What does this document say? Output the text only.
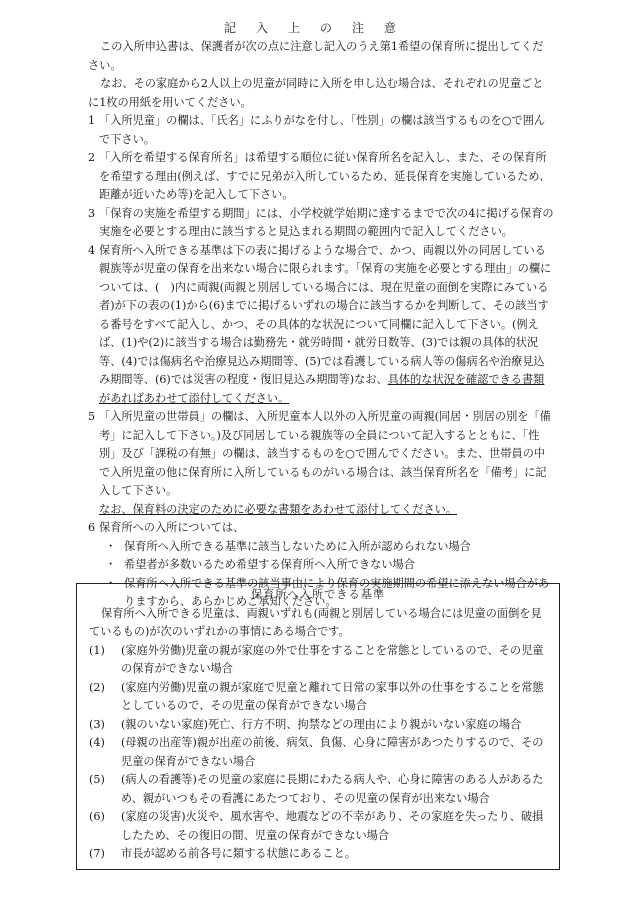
記入上の注意

この入所申込書は、保護者が次の点に注意し記入のうえ第1希望の保育所に提出してください。

なお、その家庭から2人以上の児童が同時に入所を申し込む場合は、それぞれの児童ごとに1枚の用紙を用いてください。

1 「入所児童」の欄は、「氏名」にふりがなを付し、「性別」の欄は該当するものを○で囲んで下さい。
2 「入所を希望する保育所名」は希望する順位に従い保育所名を記入し、また、その保育所を希望する理由(例えば、すでに兄弟が入所しているため、延長保育を実施しているため、距離が近いため等)を記入して下さい。
3 「保育の実施を希望する期間」には、小学校就学始期に達するまでで次の4に掲げる保育の実施を必要とする理由に該当すると見込まれる期間の範囲内で記入してください。
4 保育所へ入所できる基準は下の表に掲げるような場合で、かつ、両親以外の同居している親族等が児童の保育を出来ない場合に限られます。「保育の実施を必要とする理由」の欄については、(　)内に両親(両親と別居している場合には、現在児童の面倒を実際にみている者)が下の表の(1)から(6)までに掲げるいずれの場合に該当するかを判断して、その該当する番号をすべて記入し、かつ、その具体的な状況について同欄に記入して下さい。(例えば、(1)や(2)に該当する場合は勤務先・就労時間・就労日数等、(3)では親の具体的状況等、(4)では傷病名や治療見込み期間等、(5)では看護している病人等の傷病名や治療見込み期間等、(6)では災害の程度・復旧見込み期間等)なお、具体的な状況を確認できる書類があればあわせて添付してください。
5 「入所児童の世帯員」の欄は、入所児童本人以外の入所児童の両親(同居・別居の別を「備考」に記入して下さい。)及び同居している親族等の全員について記入するとともに、「性別」及び「課税の有無」の欄は、該当するものを○で囲んでください。また、世帯員の中で入所児童の他に保育所に入所しているものがいる場合は、該当保育所名を「備考」に記入して下さい。
なお、保育料の決定のために必要な書類をあわせて添付してください。
6 保育所への入所については、
・ 保育所へ入所できる基準に該当しないために入所が認められない場合
・ 希望者が多数いるため希望する保育所へ入所できない場合
・ 保育所へ入所できる基準の該当事由により保育の実施期間の希望に添えない場合がありますから、あらかじめご承知ください。
保育所へ入所できる基準

保育所へ入所できる児童は、両親いずれも(両親と別居している場合には児童の面倒を見ているもの)が次のいずれかの事情にある場合です。

(1) (家庭外労働)児童の親が家庭の外で仕事をすることを常態としているので、その児童の保育ができない場合
(2) (家庭内労働)児童の親が家庭で児童と離れて日常の家事以外の仕事をすることを常態としているので、その児童の保育ができない場合
(3) (親のいない家庭)死亡、行方不明、拘禁などの理由により親がいない家庭の場合
(4) (母親の出産等)親が出産の前後、病気、負傷、心身に障害があつたりするので、その児童の保育ができない場合
(5) (病人の看護等)その児童の家庭に長期にわたる病人や、心身に障害のある人があるため、親がいつもその看護にあたつており、その児童の保育が出来ない場合
(6) (家庭の災害)火災や、風水害や、地震などの不幸があり、その家庭を失ったり、破損したため、その復旧の間、児童の保育ができない場合
(7) 市長が認める前各号に類する状態にあること。
